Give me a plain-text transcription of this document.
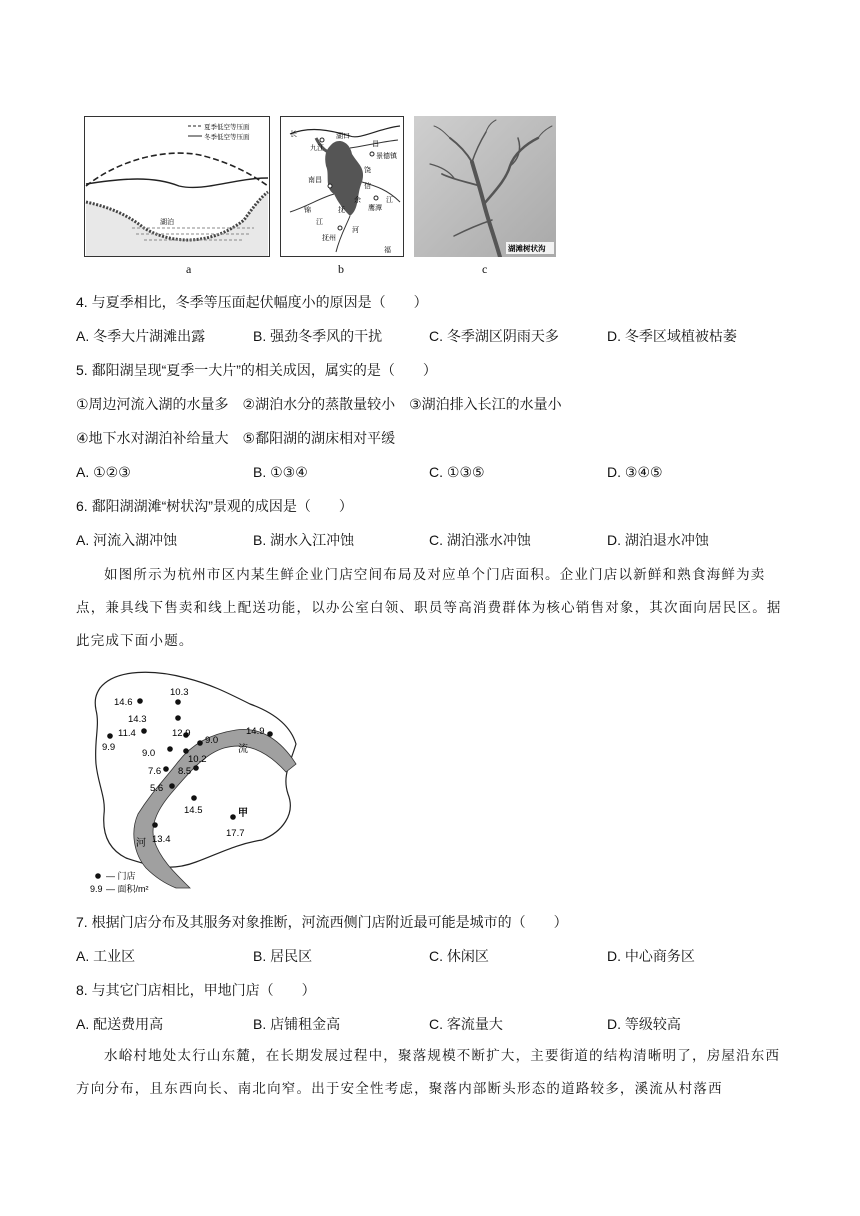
夏季低空等压面
冬季低空等压面
湖泊
a
长	湖口
九江
昌
景德镇
饶
南昌
信
余
鹰潭
江
锦
江
抚
抚州
河
福
b
湖滩树状沟
c
4. 与夏季相比，冬季等压面起伏幅度小的原因是（　　）
A. 冬季大片湖滩出露	B. 强劲冬季风的干扰	C. 冬季湖区阴雨天多	D. 冬季区域植被枯萎
5. 鄱阳湖呈现“夏季一大片”的相关成因，属实的是（　　）
①周边河流入湖的水量多　②湖泊水分的蒸散量较小　③湖泊排入长江的水量小
④地下水对湖泊补给量大　⑤鄱阳湖的湖床相对平缓
A. ①②③	B. ①③④	C. ①③⑤	D. ③④⑤
6. 鄱阳湖湖滩“树状沟”景观的成因是（　　）
A. 河流入湖冲蚀	B. 湖水入江冲蚀	C. 湖泊涨水冲蚀	D. 湖泊退水冲蚀
如图所示为杭州市区内某生鲜企业门店空间布局及对应单个门店面积。企业门店以新鲜和熟食海鲜为卖点，兼具线下售卖和线上配送功能，以办公室白领、职员等高消费群体为核心销售对象，其次面向居民区。据此完成下面小题。
流
河
甲
14.6
10.3
14.3
11.4	12.9
9.0
9.9
9.0
10.2
7.6 8.5
5.6
14.5
13.4
14.9
17.7
— 门店
9.9 — 面积/m²
7. 根据门店分布及其服务对象推断，河流西侧门店附近最可能是城市的（　　）
A. 工业区	B. 居民区	C. 休闲区	D. 中心商务区
8. 与其它门店相比，甲地门店（　　）
A. 配送费用高	B. 店铺租金高	C. 客流量大	D. 等级较高
水峪村地处太行山东麓，在长期发展过程中，聚落规模不断扩大，主要街道的结构清晰明了，房屋沿东西方向分布，且东西向长、南北向窄。出于安全性考虑，聚落内部断头形态的道路较多，溪流从村落西
